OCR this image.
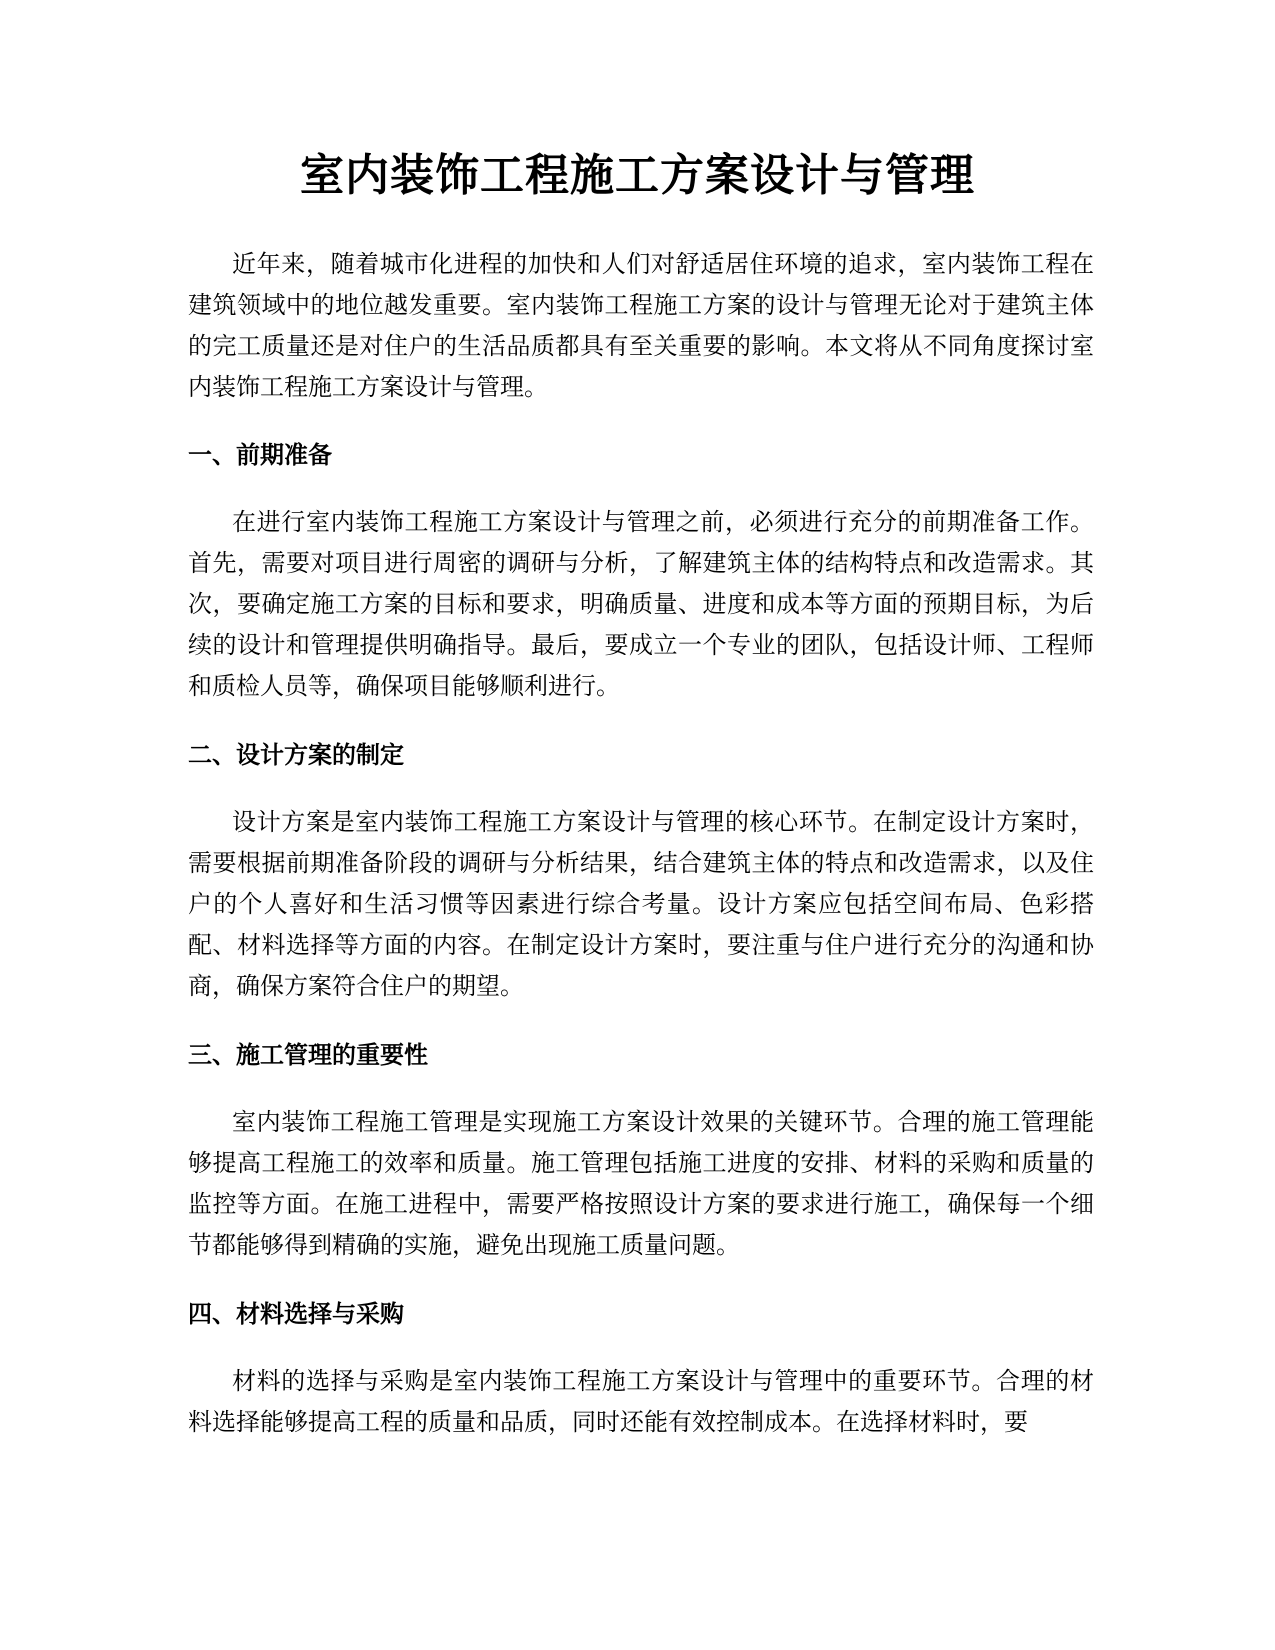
室内装饰工程施工方案设计与管理

近年来，随着城市化进程的加快和人们对舒适居住环境的追求，室内装饰工程在建筑领域中的地位越发重要。室内装饰工程施工方案的设计与管理无论对于建筑主体的完工质量还是对住户的生活品质都具有至关重要的影响。本文将从不同角度探讨室内装饰工程施工方案设计与管理。

一、前期准备

在进行室内装饰工程施工方案设计与管理之前，必须进行充分的前期准备工作。首先，需要对项目进行周密的调研与分析，了解建筑主体的结构特点和改造需求。其次，要确定施工方案的目标和要求，明确质量、进度和成本等方面的预期目标，为后续的设计和管理提供明确指导。最后，要成立一个专业的团队，包括设计师、工程师和质检人员等，确保项目能够顺利进行。

二、设计方案的制定

设计方案是室内装饰工程施工方案设计与管理的核心环节。在制定设计方案时，需要根据前期准备阶段的调研与分析结果，结合建筑主体的特点和改造需求，以及住户的个人喜好和生活习惯等因素进行综合考量。设计方案应包括空间布局、色彩搭配、材料选择等方面的内容。在制定设计方案时，要注重与住户进行充分的沟通和协商，确保方案符合住户的期望。

三、施工管理的重要性

室内装饰工程施工管理是实现施工方案设计效果的关键环节。合理的施工管理能够提高工程施工的效率和质量。施工管理包括施工进度的安排、材料的采购和质量的监控等方面。在施工进程中，需要严格按照设计方案的要求进行施工，确保每一个细节都能够得到精确的实施，避免出现施工质量问题。

四、材料选择与采购

材料的选择与采购是室内装饰工程施工方案设计与管理中的重要环节。合理的材料选择能够提高工程的质量和品质，同时还能有效控制成本。在选择材料时，要
